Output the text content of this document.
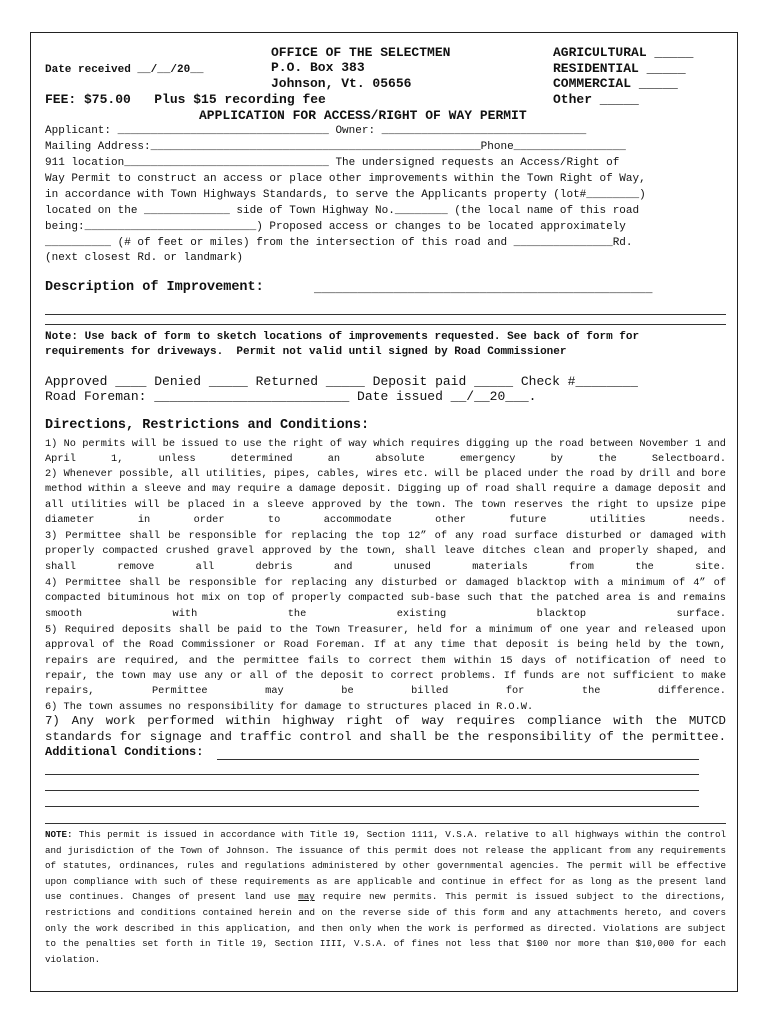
OFFICE OF THE SELECTMEN
P.O. Box 383
Johnson, Vt. 05656
Date received __/__/20__
AGRICULTURAL _____
RESIDENTIAL _____
COMMERCIAL _____
Other _____
FEE: $75.00   Plus $15 recording fee
APPLICATION FOR ACCESS/RIGHT OF WAY PERMIT
Applicant: ________________________________ Owner: _______________________________
Mailing Address:__________________________________________________Phone_________________
911 location_______________________________ The undersigned requests an Access/Right of
Way Permit to construct an access or place other improvements within the Town Right of Way,
in accordance with Town Highways Standards, to serve the Applicants property (lot#________)
located on the _____________ side of Town Highway No.________ (the local name of this road
being:__________________________) Proposed access or changes to be located approximately
__________ (# of feet or miles) from the intersection of this road and _______________Rd.
(next closest Rd. or landmark)
Description of Improvement:	_______________________________________________
Note: Use back of form to sketch locations of improvements requested. See back of form for
requirements for driveways.  Permit not valid until signed by Road Commissioner
Approved ____ Denied _____ Returned _____ Deposit paid _____ Check #________
Road Foreman: _________________________ Date issued __/__20___.
Directions, Restrictions and Conditions:
1) No permits will be issued to use the right of way which requires digging up the road between November 1 and April 1, unless determined an absolute emergency by the Selectboard.
2) Whenever possible, all utilities, pipes, cables, wires etc. will be placed under the road by drill and bore method within a sleeve and may require a damage deposit. Digging up of road shall require a damage deposit and all utilities will be placed in a sleeve approved by the town. The town reserves the right to upsize pipe diameter in order to accommodate other future utilities needs.
3) Permittee shall be responsible for replacing the top 12” of any road surface disturbed or damaged with properly compacted crushed gravel approved by the town, shall leave ditches clean and properly shaped, and shall remove all debris and unused materials from the site.
4) Permittee shall be responsible for replacing any disturbed or damaged blacktop with a minimum of 4” of compacted bituminous hot mix on top of properly compacted sub-base such that the patched area is and remains smooth with the existing blacktop surface.
5) Required deposits shall be paid to the Town Treasurer, held for a minimum of one year and released upon approval of the Road Commissioner or Road Foreman. If at any time that deposit is being held by the town, repairs are required, and the permittee fails to correct them within 15 days of notification of need to repair, the town may use any or all of the deposit to correct problems. If funds are not sufficient to make repairs, Permittee may be billed for the difference.
6) The town assumes no responsibility for damage to structures placed in R.O.W.
7) Any work performed within highway right of way requires compliance with the MUTCD standards for signage and traffic control and shall be the responsibility of the permittee.
Additional Conditions:
NOTE: This permit is issued in accordance with Title 19, Section 1111, V.S.A. relative to all highways within the control and jurisdiction of the Town of Johnson. The issuance of this permit does not release the applicant from any requirements of statutes, ordinances, rules and regulations administered by other governmental agencies. The permit will be effective upon compliance with such of these requirements as are applicable and continue in effect for as long as the present land use continues. Changes of present land use may require new permits. This permit is issued subject to the directions, restrictions and conditions contained herein and on the reverse side of this form and any attachments hereto, and covers only the work described in this application, and then only when the work is performed as directed. Violations are subject to the penalties set forth in Title 19, Section IIII, V.S.A. of fines not less that $100 nor more than $10,000 for each violation.
